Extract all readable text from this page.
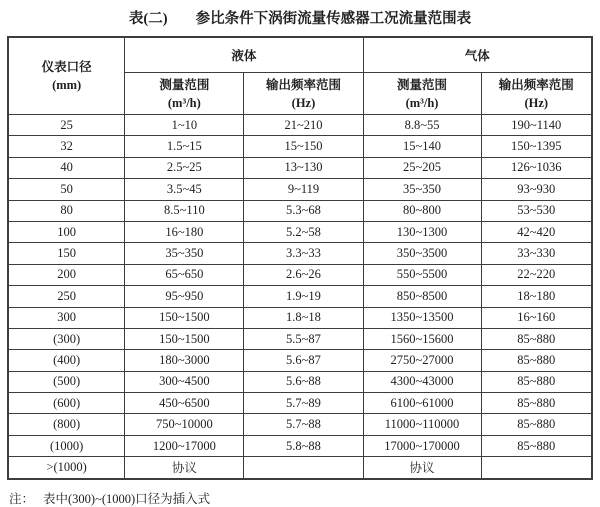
表(二) 参比条件下涡街流量传感器工况流量范围表
仪表口径
(mm)	液体		气体	

测量范围
(m³/h)

输出频率范围
(Hz)

测量范围
(m³/h)

输出频率范围
(Hz)

25	1~10	21~210	8.8~55	190~1140
32	1.5~15	15~150	15~140	150~1395
40	2.5~25	13~130	25~205	126~1036
50	3.5~45	9~119	35~350	93~930
80	8.5~110	5.3~68	80~800	53~530
100	16~180	5.2~58	130~1300	42~420
150	35~350	3.3~33	350~3500	33~330
200	65~650	2.6~26	550~5500	22~220
250	95~950	1.9~19	850~8500	18~180
300	150~1500	1.8~18	1350~13500	16~160
(300)	150~1500	5.5~87	1560~15600	85~880
(400)	180~3000	5.6~87	2750~27000	85~880
(500)	300~4500	5.6~88	4300~43000	85~880
(600)	450~6500	5.7~89	6100~61000	85~880
(800)	750~10000	5.7~88	11000~110000	85~880
(1000)	1200~17000	5.8~88	17000~170000	85~880
>(1000)	协议		协议	
注： 表中(300)~(1000)口径为插入式
